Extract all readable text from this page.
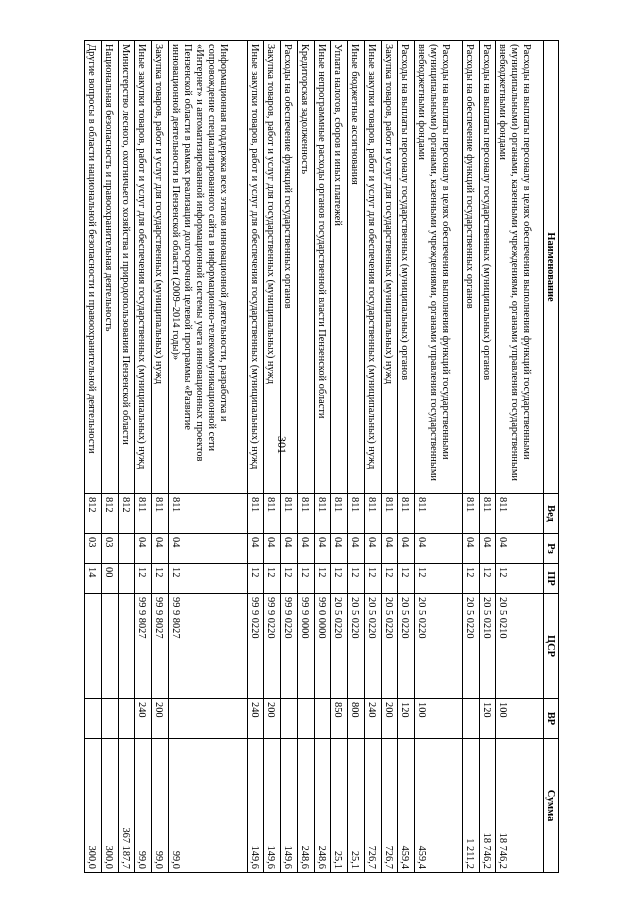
301
Наименование	Вед	Рз	ПР	ЦСР	ВР	Сумма
Расходы на выплаты персоналу в целях обеспечения выполнения функций государственными (муниципальными) органами, казенными учреждениями, органами управления государственными внебюджетными фондами	811	04	12	20 5 0210	100	18 746,2
Расходы на выплаты персоналу государственных (муниципальных) органов	811	04	12	20 5 0210	120	18 746,2
Расходы на обеспечение функций государственных органов	811	04	12	20 5 0220		1 211,2
Расходы на выплаты персоналу в целях обеспечения выполнения функций государственными (муниципальными) органами, казенными учреждениями, органами управления государственными внебюджетными фондами	811	04	12	20 5 0220	100	459,4
Расходы на выплаты персоналу государственных (муниципальных) органов	811	04	12	20 5 0220	120	459,4
Закупка товаров, работ и услуг для государственных (муниципальных) нужд	811	04	12	20 5 0220	200	726,7
Иные закупки товаров, работ и услуг для обеспечения государственных (муниципальных) нужд	811	04	12	20 5 0220	240	726,7
Иные бюджетные ассигнования	811	04	12	20 5 0220	800	25,1
Уплата налогов, сборов и иных платежей	811	04	12	20 5 0220	850	25,1
Иные непрограммные расходы органов государственной власти Пензенской области	811	04	12	99 0 0000		248,6
Кредиторская задолженность	811	04	12	99 9 0000		248,6
Расходы на обеспечение функций государственных органов	811	04	12	99 9 0220		149,6
Закупка товаров, работ и услуг для государственных (муниципальных) нужд	811	04	12	99 9 0220	200	149,6
Иные закупки товаров, работ и услуг для обеспечения государственных (муниципальных) нужд	811	04	12	99 9 0220	240	149,6
Информационная поддержка всех этапов инновационной деятельности, разработка и сопровождение специализированного сайта в информационно-телекоммуникационной сети «Интернет» и автоматизированной информационной системы учета инновационных проектов Пензенской области в рамках реализации долгосрочной целевой программы «Развитие инновационной деятельности в Пензенской области (2009–2014 годы)»	811	04	12	99 9 8027		99,0
Закупка товаров, работ и услуг для государственных (муниципальных) нужд	811	04	12	99 9 8027	200	99,0
Иные закупки товаров, работ и услуг для обеспечения государственных (муниципальных) нужд	811	04	12	99 9 8027	240	99,0
Министерство лесного, охотничьего хозяйства и природопользования Пензенской области	812					367 187,7
Национальная безопасность и правоохранительная деятельность	812	03	00			300,0
Другие вопросы в области национальной безопасности и правоохранительной деятельности	812	03	14			300,0
